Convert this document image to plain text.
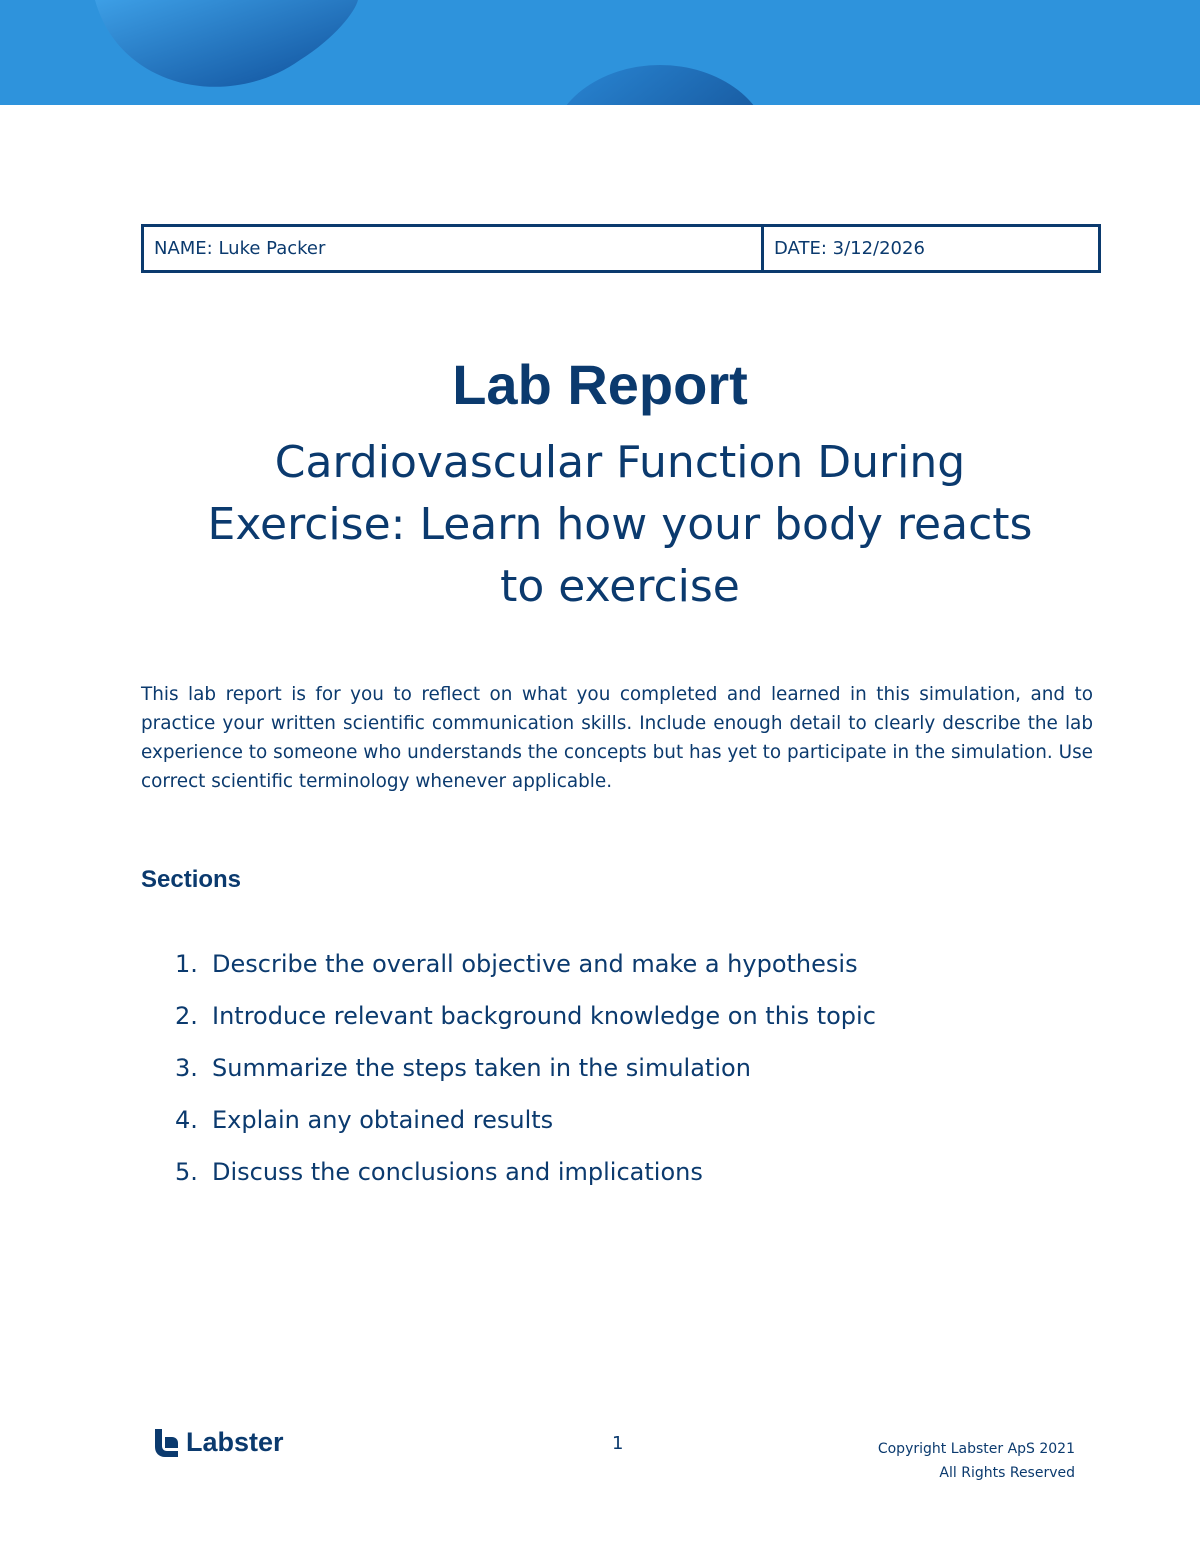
NAME: Luke Packer	DATE: 3/12/2026
Lab Report
Cardiovascular Function During Exercise: Learn how your body reacts to exercise

This lab report is for you to reflect on what you completed and learned in this simulation, and to practice your written scientific communication skills. Include enough detail to clearly describe the lab experience to someone who understands the concepts but has yet to participate in the simulation. Use correct scientific terminology whenever applicable.

Sections
1. Describe the overall objective and make a hypothesis
2. Introduce relevant background knowledge on this topic
3. Summarize the steps taken in the simulation
4. Explain any obtained results
5. Discuss the conclusions and implications
Labster	1	Copyright Labster ApS 2021
All Rights Reserved
